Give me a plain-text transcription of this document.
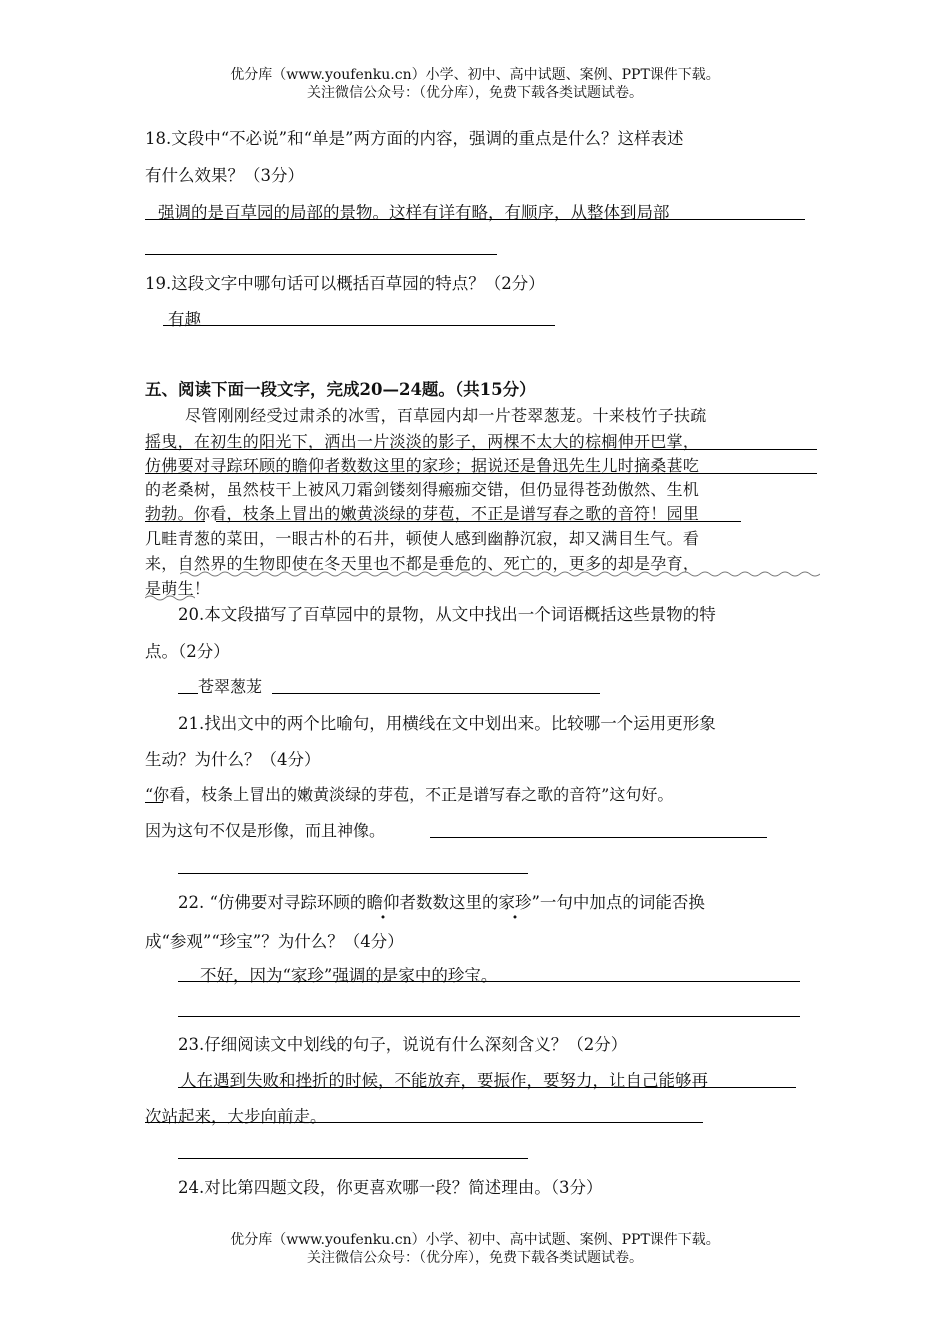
优分库（www.youfenku.cn）小学、初中、高中试题、案例、PPT课件下载。
关注微信公众号：（优分库），免费下载各类试题试卷。
18.文段中“不必说”和“单是”两方面的内容，强调的重点是什么？这样表述
有什么效果？（3分）
强调的是百草园的局部的景物。这样有详有略，有顺序，从整体到局部
19.这段文字中哪句话可以概括百草园的特点？（2分）
有趣
五、阅读下面一段文字，完成20—24题。（共15分）
尽管刚刚经受过肃杀的冰雪，百草园内却一片苍翠葱茏。十来枝竹子扶疏
摇曳，在初生的阳光下，洒出一片淡淡的影子，两棵不太大的棕榈伸开巴掌，
仿佛要对寻踪环顾的瞻仰者数数这里的家珍；据说还是鲁迅先生儿时摘桑葚吃
的老桑树，虽然枝干上被风刀霜剑镂刻得瘢痂交错，但仍显得苍劲傲然、生机
勃勃。你看，枝条上冒出的嫩黄淡绿的芽苞，不正是谱写春之歌的音符！园里
几畦青葱的菜田，一眼古朴的石井，顿使人感到幽静沉寂，却又满目生气。看
来，自然界的生物即使在冬天里也不都是垂危的、死亡的，更多的却是孕育，
是萌生！
20.本文段描写了百草园中的景物，从文中找出一个词语概括这些景物的特
点。（2分）
苍翠葱茏
21.找出文中的两个比喻句，用横线在文中划出来。比较哪一个运用更形象
生动？为什么？（4分）
“你看，枝条上冒出的嫩黄淡绿的芽苞，不正是谱写春之歌的音符”这句好。
因为这句不仅是形像，而且神像。
22. “仿佛要对寻踪环顾的瞻仰者数数这里的家珍”一句中加点的词能否换
成“参观”“珍宝”？为什么？（4分）
不好，因为“家珍”强调的是家中的珍宝。
23.仔细阅读文中划线的句子，说说有什么深刻含义？（2分）
人在遇到失败和挫折的时候，不能放弃，要振作，要努力，让自己能够再
次站起来，大步向前走。
24.对比第四题文段，你更喜欢哪一段？简述理由。（3分）
优分库（www.youfenku.cn）小学、初中、高中试题、案例、PPT课件下载。
关注微信公众号：（优分库），免费下载各类试题试卷。
